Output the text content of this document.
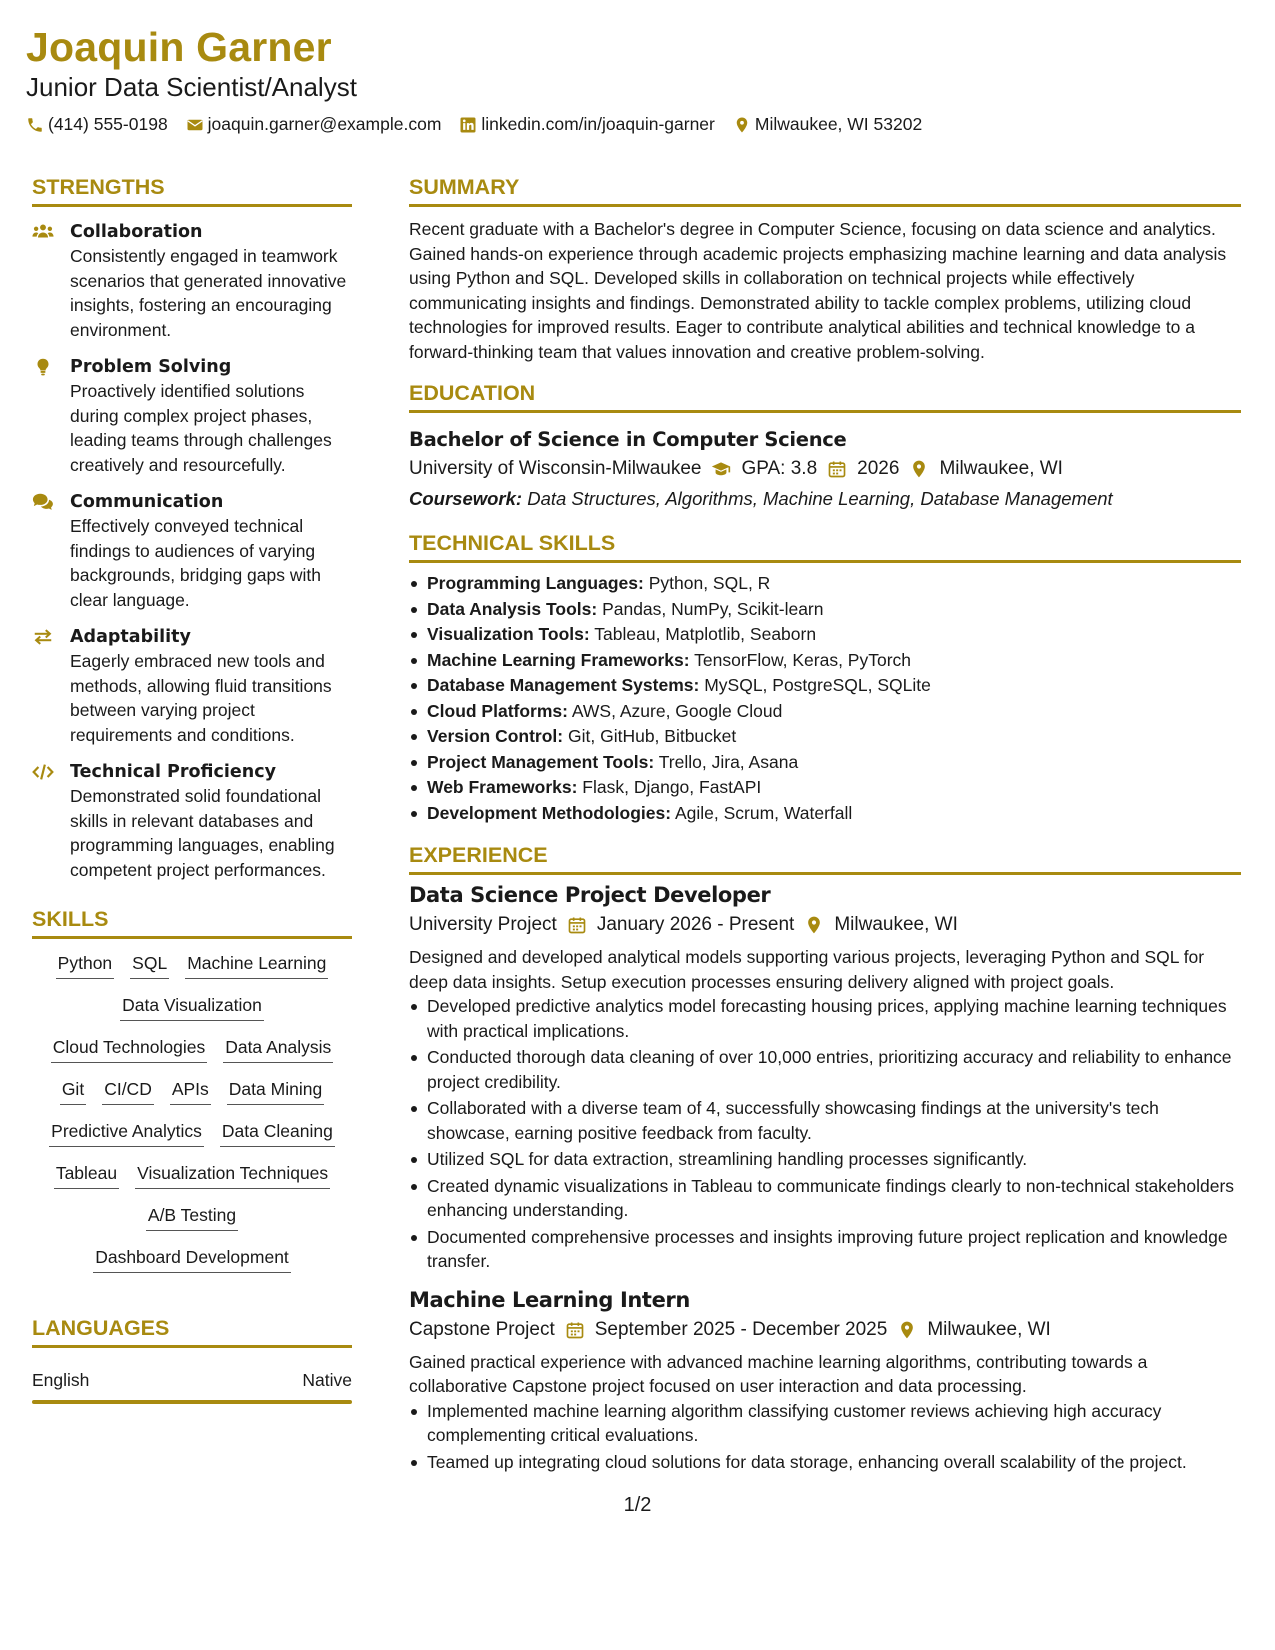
Joaquin Garner
Junior Data Scientist/Analyst
(414) 555-0198 joaquin.garner@example.com linkedin.com/in/joaquin-garner Milwaukee, WI 53202
STRENGTHS
Collaboration
Consistently engaged in teamwork scenarios that generated innovative insights, fostering an encouraging environment.
Problem Solving
Proactively identified solutions during complex project phases, leading teams through challenges creatively and resourcefully.
Communication
Effectively conveyed technical findings to audiences of varying backgrounds, bridging gaps with clear language.
Adaptability
Eagerly embraced new tools and methods, allowing fluid transitions between varying project requirements and conditions.
Technical Proficiency
Demonstrated solid foundational skills in relevant databases and programming languages, enabling competent project performances.
SKILLS
Python SQL Machine Learning
Data Visualization
Cloud Technologies Data Analysis
Git CI/CD APIs Data Mining
Predictive Analytics Data Cleaning
Tableau Visualization Techniques
A/B Testing
Dashboard Development
LANGUAGES
English	Native
SUMMARY
Recent graduate with a Bachelor's degree in Computer Science, focusing on data science and analytics. Gained hands-on experience through academic projects emphasizing machine learning and data analysis using Python and SQL. Developed skills in collaboration on technical projects while effectively communicating insights and findings. Demonstrated ability to tackle complex problems, utilizing cloud technologies for improved results. Eager to contribute analytical abilities and technical knowledge to a forward-thinking team that values innovation and creative problem-solving.
EDUCATION
Bachelor of Science in Computer Science
University of Wisconsin-Milwaukee GPA: 3.8 2026 Milwaukee, WI
Coursework: Data Structures, Algorithms, Machine Learning, Database Management
TECHNICAL SKILLS
Programming Languages: Python, SQL, R
Data Analysis Tools: Pandas, NumPy, Scikit-learn
Visualization Tools: Tableau, Matplotlib, Seaborn
Machine Learning Frameworks: TensorFlow, Keras, PyTorch
Database Management Systems: MySQL, PostgreSQL, SQLite
Cloud Platforms: AWS, Azure, Google Cloud
Version Control: Git, GitHub, Bitbucket
Project Management Tools: Trello, Jira, Asana
Web Frameworks: Flask, Django, FastAPI
Development Methodologies: Agile, Scrum, Waterfall
EXPERIENCE
Data Science Project Developer
University Project January 2026 - Present Milwaukee, WI
Designed and developed analytical models supporting various projects, leveraging Python and SQL for deep data insights. Setup execution processes ensuring delivery aligned with project goals.
Developed predictive analytics model forecasting housing prices, applying machine learning techniques with practical implications.
Conducted thorough data cleaning of over 10,000 entries, prioritizing accuracy and reliability to enhance project credibility.
Collaborated with a diverse team of 4, successfully showcasing findings at the university's tech showcase, earning positive feedback from faculty.
Utilized SQL for data extraction, streamlining handling processes significantly.
Created dynamic visualizations in Tableau to communicate findings clearly to non-technical stakeholders enhancing understanding.
Documented comprehensive processes and insights improving future project replication and knowledge transfer.
Machine Learning Intern
Capstone Project September 2025 - December 2025 Milwaukee, WI
Gained practical experience with advanced machine learning algorithms, contributing towards a collaborative Capstone project focused on user interaction and data processing.
Implemented machine learning algorithm classifying customer reviews achieving high accuracy complementing critical evaluations.
Teamed up integrating cloud solutions for data storage, enhancing overall scalability of the project.
1/2
